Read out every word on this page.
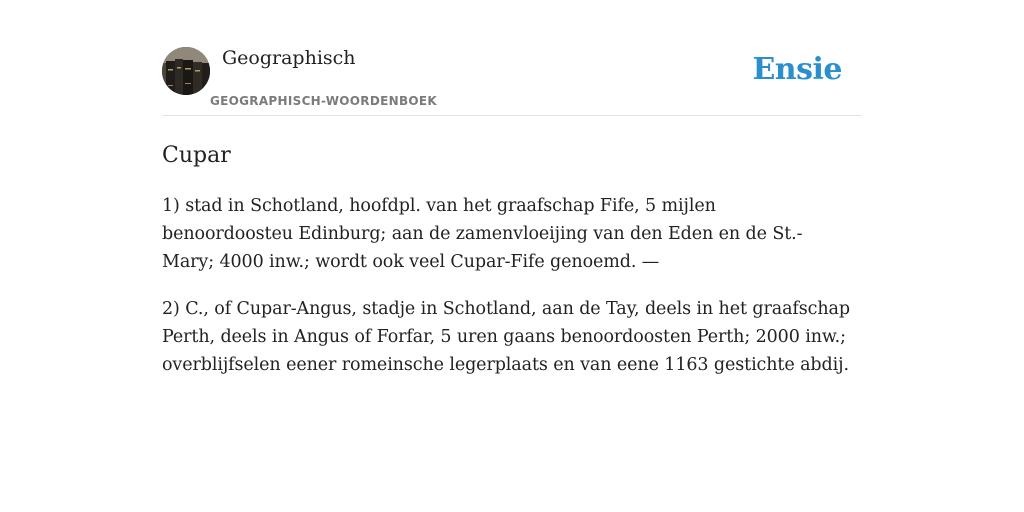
Geographisch
GEOGRAPHISCH-WOORDENBOEK
Ensie
Cupar

1) stad in Schotland, hoofdpl. van het graafschap Fife, 5 mijlen benoordoosteu Edinburg; aan de zamenvloeijing van den Eden en de St.-Mary; 4000 inw.; wordt ook veel Cupar-Fife genoemd. —

2) C., of Cupar-Angus, stadje in Schotland, aan de Tay, deels in het graafschap Perth, deels in Angus of Forfar, 5 uren gaans benoordoosten Perth; 2000 inw.; overblijfselen eener romeinsche legerplaats en van eene 1163 gestichte abdij.
